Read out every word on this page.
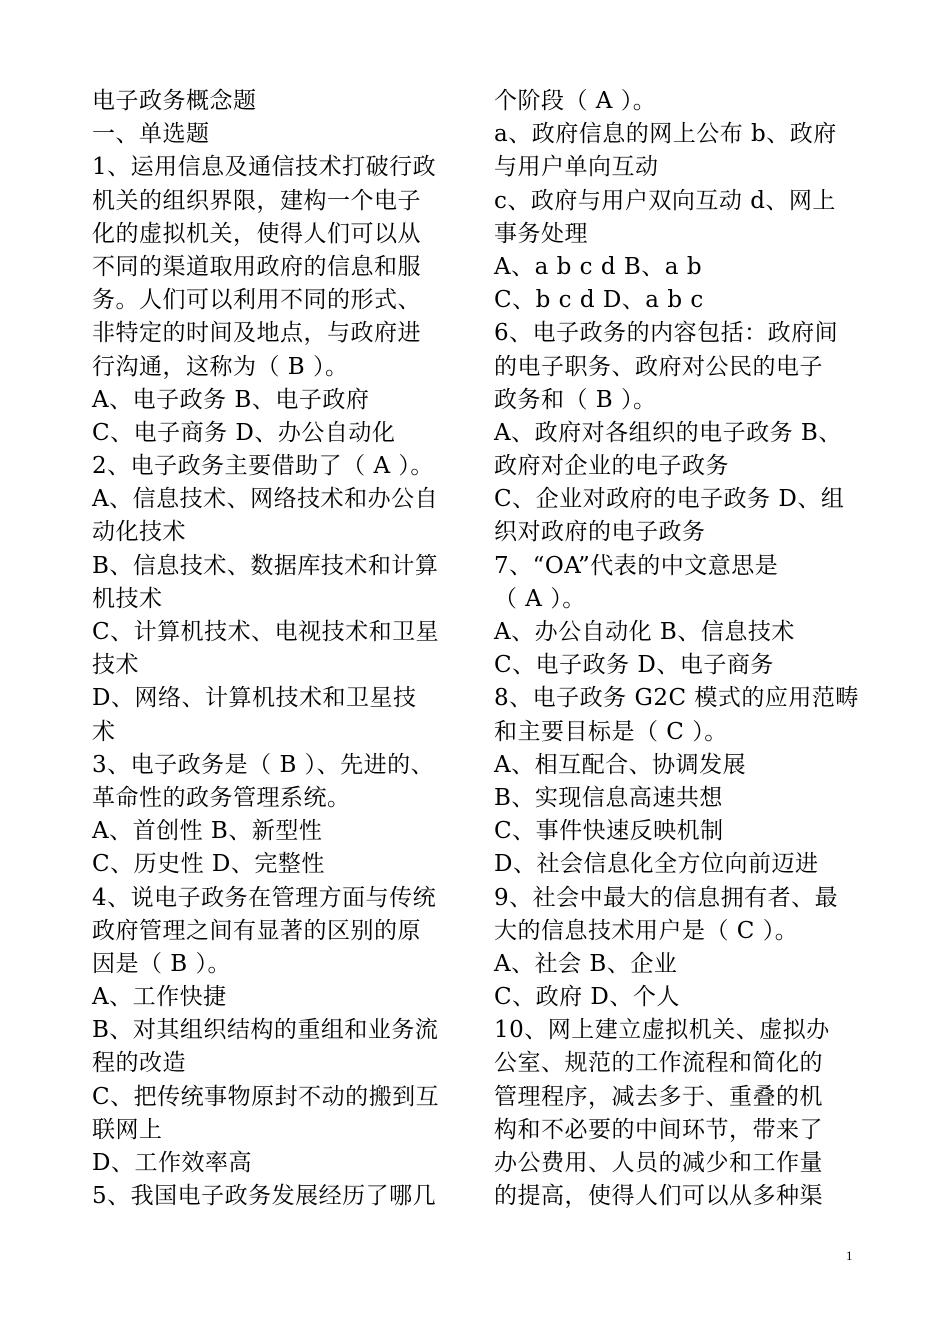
电子政务概念题
一、单选题
1、运用信息及通信技术打破行政
机关的组织界限，建构一个电子
化的虚拟机关，使得人们可以从
不同的渠道取用政府的信息和服
务。人们可以利用不同的形式、
非特定的时间及地点，与政府进
行沟通，这称为（ B ）。
A、电子政务 B、电子政府
C、电子商务 D、办公自动化
2、电子政务主要借助了（ A ）。
A、信息技术、网络技术和办公自
动化技术
B、信息技术、数据库技术和计算
机技术
C、计算机技术、电视技术和卫星
技术
D、网络、计算机技术和卫星技
术
3、电子政务是（ B ）、先进的、
革命性的政务管理系统。
A、首创性 B、新型性
C、历史性 D、完整性
4、说电子政务在管理方面与传统
政府管理之间有显著的区别的原
因是（ B ）。
A、工作快捷
B、对其组织结构的重组和业务流
程的改造
C、把传统事物原封不动的搬到互
联网上
D、工作效率高
5、我国电子政务发展经历了哪几
个阶段（ A ）。
a、政府信息的网上公布 b、政府
与用户单向互动
c、政府与用户双向互动 d、网上
事务处理
A、a b c d B、a b
C、b c d D、a b c
6、电子政务的内容包括：政府间
的电子职务、政府对公民的电子
政务和（ B ）。
A、政府对各组织的电子政务 B、
政府对企业的电子政务
C、企业对政府的电子政务 D、组
织对政府的电子政务
7、“OA”代表的中文意思是
（ A ）。
A、办公自动化 B、信息技术
C、电子政务 D、电子商务
8、电子政务 G2C 模式的应用范畴
和主要目标是（ C ）。
A、相互配合、协调发展
B、实现信息高速共想
C、事件快速反映机制
D、社会信息化全方位向前迈进
9、社会中最大的信息拥有者、最
大的信息技术用户是（ C ）。
A、社会 B、企业
C、政府 D、个人
10、网上建立虚拟机关、虚拟办
公室、规范的工作流程和简化的
管理程序，减去多于、重叠的机
构和不必要的中间环节，带来了
办公费用、人员的减少和工作量
的提高，使得人们可以从多种渠
1
